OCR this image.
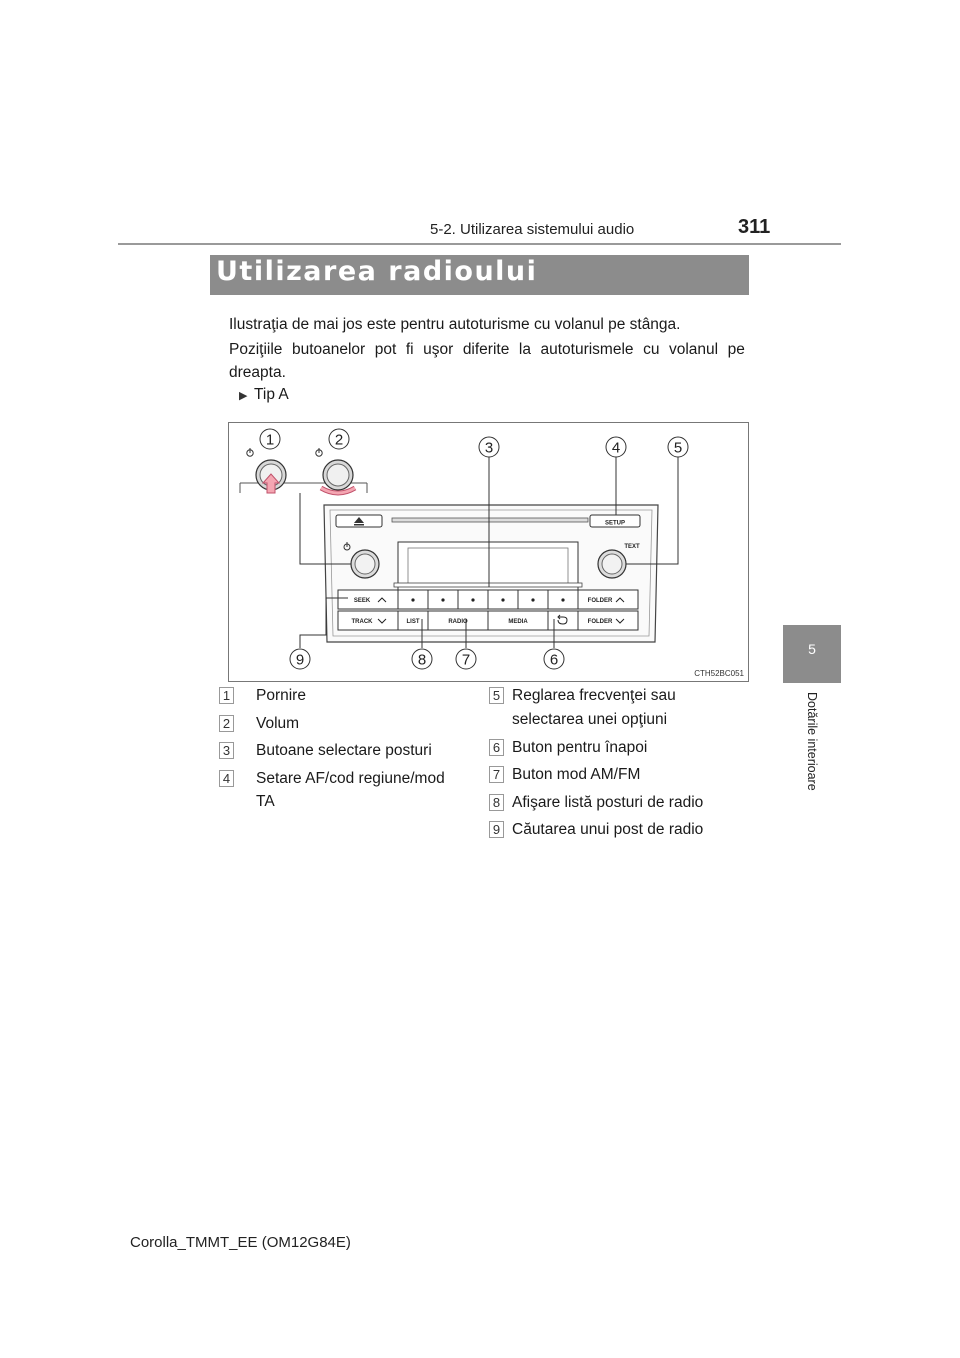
5-2. Utilizarea sistemului audio	311
5
Dotările interioare
Utilizarea radioului
Ilustraţia de mai jos este pentru autoturisme cu volanul pe stânga.
Poziţiile butoanelor pot fi uşor diferite la autoturismele cu volanul pe
dreapta.
▶ Tip A
SETUP
TEXT
SEEK	FOLDER
TRACK	LIST	RADIO	MEDIA	FOLDER
1	2	3	4	5
6
7
8
9
CTH52BC051
1 Pornire
2 Volum
3 Butoane selectare posturi
4 Setare AF/cod regiune/mod
TA
5 Reglarea frecvenţei sau
selectarea unei opţiuni
6 Buton pentru înapoi
7 Buton mod AM/FM
8 Afişare listă posturi de radio
9 Căutarea unui post de radio
Corolla_TMMT_EE (OM12G84E)
